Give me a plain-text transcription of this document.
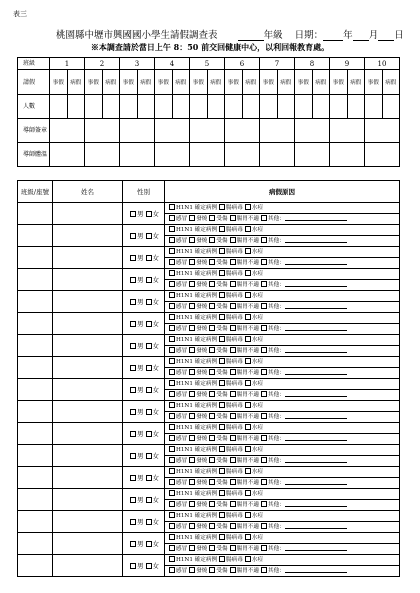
表三
桃園縣中壢市興國國小學生請假調查表	年級 日期： 年 月 日
※本調查請於當日上午 8：50 前交回健康中心，以利回報教育處。
班級	1		2		3		4		5		6		7		8		9		10	
請假	事假	病假	事假	病假	事假	病假	事假	病假	事假	病假	事假	病假	事假	病假	事假	病假	事假	病假	事假	病假
人數																				
導師簽章																				
導師體溫																				
班級/座號	姓名	性別	病假原因
		男 女	H1N1 確定病例 腸病毒 水痘
感冒 發燒 受傷 腸胃不適 其他：

		男 女	H1N1 確定病例 腸病毒 水痘
感冒 發燒 受傷 腸胃不適 其他：

		男 女	H1N1 確定病例 腸病毒 水痘
感冒 發燒 受傷 腸胃不適 其他：

		男 女	H1N1 確定病例 腸病毒 水痘
感冒 發燒 受傷 腸胃不適 其他：

		男 女	H1N1 確定病例 腸病毒 水痘
感冒 發燒 受傷 腸胃不適 其他：

		男 女	H1N1 確定病例 腸病毒 水痘
感冒 發燒 受傷 腸胃不適 其他：

		男 女	H1N1 確定病例 腸病毒 水痘
感冒 發燒 受傷 腸胃不適 其他：

		男 女	H1N1 確定病例 腸病毒 水痘
感冒 發燒 受傷 腸胃不適 其他：

		男 女	H1N1 確定病例 腸病毒 水痘
感冒 發燒 受傷 腸胃不適 其他：

		男 女	H1N1 確定病例 腸病毒 水痘
感冒 發燒 受傷 腸胃不適 其他：

		男 女	H1N1 確定病例 腸病毒 水痘
感冒 發燒 受傷 腸胃不適 其他：

		男 女	H1N1 確定病例 腸病毒 水痘
感冒 發燒 受傷 腸胃不適 其他：

		男 女	H1N1 確定病例 腸病毒 水痘
感冒 發燒 受傷 腸胃不適 其他：

		男 女	H1N1 確定病例 腸病毒 水痘
感冒 發燒 受傷 腸胃不適 其他：

		男 女	H1N1 確定病例 腸病毒 水痘
感冒 發燒 受傷 腸胃不適 其他：

		男 女	H1N1 確定病例 腸病毒 水痘
感冒 發燒 受傷 腸胃不適 其他：

		男 女	H1N1 確定病例 腸病毒 水痘
感冒 發燒 受傷 腸胃不適 其他：
